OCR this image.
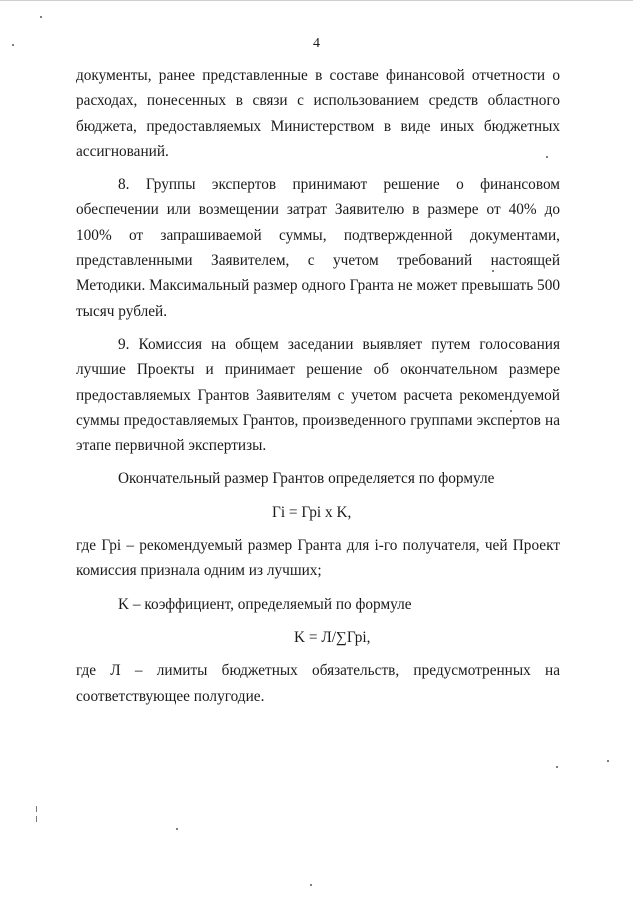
4

документы, ранее представленные в составе финансовой отчетности о расходах, понесенных в связи с использованием средств областного бюджета, предоставляемых Министерством в виде иных бюджетных ассигнований.

8. Группы экспертов принимают решение о финансовом обеспечении или возмещении затрат Заявителю в размере от 40% до 100% от запрашиваемой суммы, подтвержденной документами, представленными Заявителем, с учетом требований настоящей Методики. Максимальный размер одного Гранта не может превышать 500 тысяч рублей.

9. Комиссия на общем заседании выявляет путем голосования лучшие Проекты и принимает решение об окончательном размере предоставляемых Грантов Заявителям с учетом расчета рекомендуемой суммы предоставляемых Грантов, произведенного группами экспертов на этапе первичной экспертизы.

Окончательный размер Грантов определяется по формуле

Гi = Грi x K,

где Грi – рекомендуемый размер Гранта для i-го получателя, чей Проект комиссия признала одним из лучших;

K – коэффициент, определяемый по формуле

K = Л/∑Грi,

где Л – лимиты бюджетных обязательств, предусмотренных на соответствующее полугодие.
